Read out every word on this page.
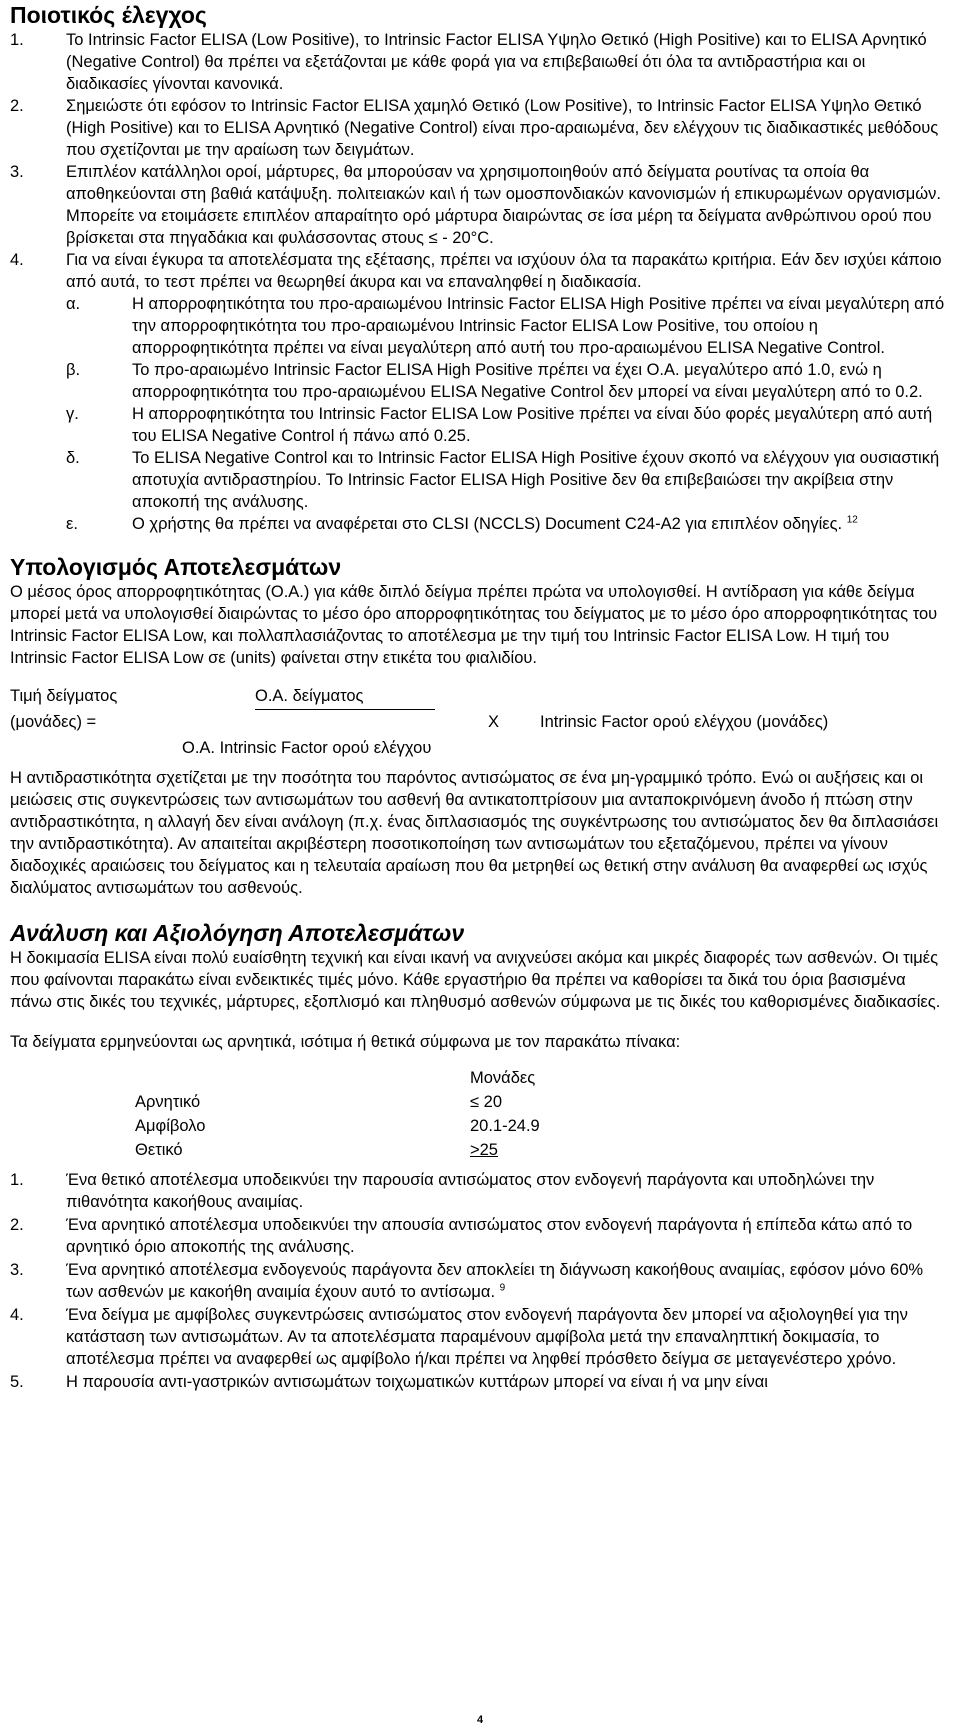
Ποιοτικός έλεγχος
1.	Το Intrinsic Factor ELISA (Low Positive), το Intrinsic Factor ELISA Υψηλο Θετικό (High Positive) και το ELISA Αρνητικό (Negative Control) θα πρέπει να εξετάζονται με κάθε φορά για να επιβεβαιωθεί ότι όλα τα αντιδραστήρια και οι διαδικασίες γίνονται κανονικά.
2.	Σημειώστε ότι εφόσον το Intrinsic Factor ELISA χαμηλό Θετικό (Low Positive), το Intrinsic Factor ELISA Υψηλο Θετικό (High Positive) και το ELISA Αρνητικό (Negative Control) είναι προ-αραιωμένα, δεν ελέγχουν τις διαδικαστικές μεθόδους που σχετίζονται με την αραίωση των δειγμάτων.
3.	Επιπλέον κατάλληλοι οροί, μάρτυρες, θα μπορούσαν να χρησιμοποιηθούν από δείγματα ρουτίνας τα οποία θα αποθηκεύονται στη βαθιά κατάψυξη. πολιτειακών και\ ή των ομοσπονδιακών κανονισμών ή επικυρωμένων οργανισμών. Μπορείτε να ετοιμάσετε επιπλέον απαραίτητο ορό μάρτυρα διαιρώντας σε ίσα μέρη τα δείγματα ανθρώπινου ορού που βρίσκεται στα πηγαδάκια και φυλάσσοντας στους ≤ - 20°C.
4.	Για να είναι έγκυρα τα αποτελέσματα της εξέτασης, πρέπει να ισχύουν όλα τα παρακάτω κριτήρια. Εάν δεν ισχύει κάποιο από αυτά, το τεστ πρέπει να θεωρηθεί άκυρα και να επαναληφθεί η διαδικασία.
α.	Η απορροφητικότητα του προ-αραιωμένου Intrinsic Factor ELISA High Positive πρέπει να είναι μεγαλύτερη από την απορροφητικότητα του προ-αραιωμένου Intrinsic Factor ELISA Low Positive, του οποίου η απορροφητικότητα πρέπει να είναι μεγαλύτερη από αυτή του προ-αραιωμένου ELISA Negative Control.
β.	Το προ-αραιωμένο Intrinsic Factor ELISA High Positive πρέπει να έχει Ο.Α. μεγαλύτερο από 1.0, ενώ η απορροφητικότητα του προ-αραιωμένου ELISA Negative Control δεν μπορεί να είναι μεγαλύτερη από το 0.2.
γ.	Η απορροφητικότητα του Intrinsic Factor ELISA Low Positive πρέπει να είναι δύο φορές μεγαλύτερη από αυτή του ELISA Negative Control ή πάνω από 0.25.
δ.	Το ELISA Negative Control και το Intrinsic Factor ELISA High Positive έχουν σκοπό να ελέγχουν για ουσιαστική αποτυχία αντιδραστηρίου. Το Intrinsic Factor ELISA High Positive δεν θα επιβεβαιώσει την ακρίβεια στην αποκοπή της ανάλυσης.
ε.	Ο χρήστης θα πρέπει να αναφέρεται στο CLSI (NCCLS) Document C24-A2 για επιπλέον οδηγίες. $^{12}$
Υπολογισμός Αποτελεσμάτων

Ο μέσος όρος απορροφητικότητας (Ο.Α.) για κάθε διπλό δείγμα πρέπει πρώτα να υπολογισθεί. Η αντίδραση για κάθε δείγμα μπορεί μετά να υπολογισθεί διαιρώντας το μέσο όρο απορροφητικότητας του δείγματος με το μέσο όρο απορροφητικότητας του Intrinsic Factor ELISA Low, και πολλαπλασιάζοντας το αποτέλεσμα με την τιμή του Intrinsic Factor ELISA Low. Η τιμή του Intrinsic Factor ELISA Low σε (units) φαίνεται στην ετικέτα του φιαλιδίου.

Τιμή δείγματος	Ο.Α. δείγματος
(μονάδες) =	X Intrinsic Factor ορού ελέγχου (μονάδες)
Ο.Α. Intrinsic Factor ορού ελέγχου

Η αντιδραστικότητα σχετίζεται με την ποσότητα του παρόντος αντισώματος σε ένα μη-γραμμικό τρόπο. Ενώ οι αυξήσεις και οι μειώσεις στις συγκεντρώσεις των αντισωμάτων του ασθενή θα αντικατοπτρίσουν μια ανταποκρινόμενη άνοδο ή πτώση στην αντιδραστικότητα, η αλλαγή δεν είναι ανάλογη (π.χ. ένας διπλασιασμός της συγκέντρωσης του αντισώματος δεν θα διπλασιάσει την αντιδραστικότητα). Αν απαιτείται ακριβέστερη ποσοτικοποίηση των αντισωμάτων του εξεταζόμενου, πρέπει να γίνουν διαδοχικές αραιώσεις του δείγματος και η τελευταία αραίωση που θα μετρηθεί ως θετική στην ανάλυση θα αναφερθεί ως ισχύς διαλύματος αντισωμάτων του ασθενούς.

Ανάλυση και Αξιολόγηση Αποτελεσμάτων

Η δοκιμασία ELISA είναι πολύ ευαίσθητη τεχνική και είναι ικανή να ανιχνεύσει ακόμα και μικρές διαφορές των ασθενών. Οι τιμές που φαίνονται παρακάτω είναι ενδεικτικές τιμές μόνο. Κάθε εργαστήριο θα πρέπει να καθορίσει τα δικά του όρια βασισμένα πάνω στις δικές του τεχνικές, μάρτυρες, εξοπλισμό και πληθυσμό ασθενών σύμφωνα με τις δικές του καθορισμένες διαδικασίες.

Τα δείγματα ερμηνεύονται ως αρνητικά, ισότιμα ή θετικά σύμφωνα με τον παρακάτω πίνακα:

Μονάδες
Αρνητικό	≤ 20
Αμφίβολο	20.1-24.9
Θετικό	>25
1.	Ένα θετικό αποτέλεσμα υποδεικνύει την παρουσία αντισώματος στον ενδογενή παράγοντα και υποδηλώνει την πιθανότητα κακοήθους αναιμίας.
2.	Ένα αρνητικό αποτέλεσμα υποδεικνύει την απουσία αντισώματος στον ενδογενή παράγοντα ή επίπεδα κάτω από το αρνητικό όριο αποκοπής της ανάλυσης.
3.	Ένα αρνητικό αποτέλεσμα ενδογενούς παράγοντα δεν αποκλείει τη διάγνωση κακοήθους αναιμίας, εφόσον μόνο 60% των ασθενών με κακοήθη αναιμία έχουν αυτό το αντίσωμα. $^9$
4.	Ένα δείγμα με αμφίβολες συγκεντρώσεις αντισώματος στον ενδογενή παράγοντα δεν μπορεί να αξιολογηθεί για την κατάσταση των αντισωμάτων. Αν τα αποτελέσματα παραμένουν αμφίβολα μετά την επαναληπτική δοκιμασία, το αποτέλεσμα πρέπει να αναφερθεί ως αμφίβολο ή/και πρέπει να ληφθεί πρόσθετο δείγμα σε μεταγενέστερο χρόνο.
5.	Η παρουσία αντι-γαστρικών αντισωμάτων τοιχωματικών κυττάρων μπορεί να είναι ή να μην είναι
4
